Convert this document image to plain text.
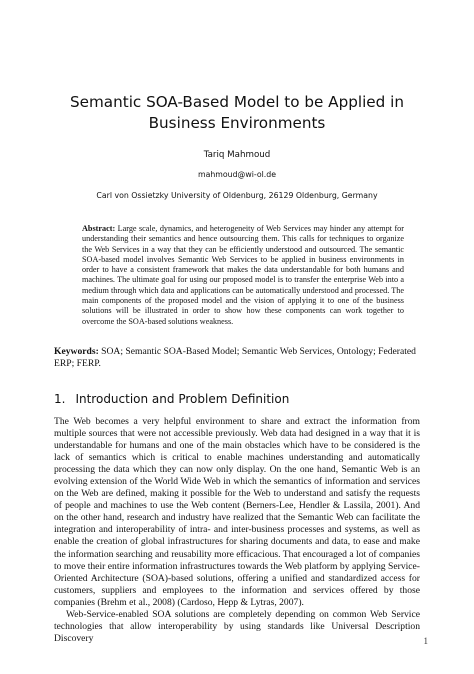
Semantic SOA-Based Model to be Applied in Business Environments
Tariq Mahmoud
mahmoud@wi-ol.de
Carl von Ossietzky University of Oldenburg, 26129 Oldenburg, Germany
Abstract: Large scale, dynamics, and heterogeneity of Web Services may hinder any attempt for understanding their semantics and hence outsourcing them. This calls for techniques to organize the Web Services in a way that they can be efficiently understood and outsourced. The semantic SOA-based model involves Semantic Web Services to be applied in business environments in order to have a consistent framework that makes the data understandable for both humans and machines. The ultimate goal for using our proposed model is to transfer the enterprise Web into a medium through which data and applications can be automatically understood and processed. The main components of the proposed model and the vision of applying it to one of the business solutions will be illustrated in order to show how these components can work together to overcome the SOA-based solutions weakness.
Keywords: SOA; Semantic SOA-Based Model; Semantic Web Services, Ontology; Federated ERP; FERP.
1. Introduction and Problem Definition

The Web becomes a very helpful environment to share and extract the information from multiple sources that were not accessible previously. Web data had designed in a way that it is understandable for humans and one of the main obstacles which have to be considered is the lack of semantics which is critical to enable machines understanding and automatically processing the data which they can now only display. On the one hand, Semantic Web is an evolving extension of the World Wide Web in which the semantics of information and services on the Web are defined, making it possible for the Web to understand and satisfy the requests of people and machines to use the Web content (Berners-Lee, Hendler & Lassila, 2001). And on the other hand, research and industry have realized that the Semantic Web can facilitate the integration and interoperability of intra- and inter-business processes and systems, as well as enable the creation of global infrastructures for sharing documents and data, to ease and make the information searching and reusability more efficacious. That encouraged a lot of companies to move their entire information infrastructures towards the Web platform by applying Service-Oriented Architecture (SOA)-based solutions, offering a unified and standardized access for customers, suppliers and employees to the information and services offered by those companies (Brehm et al., 2008) (Cardoso, Hepp & Lytras, 2007).

Web-Service-enabled SOA solutions are completely depending on common Web Service technologies that allow interoperability by using standards like Universal Description Discovery	1
